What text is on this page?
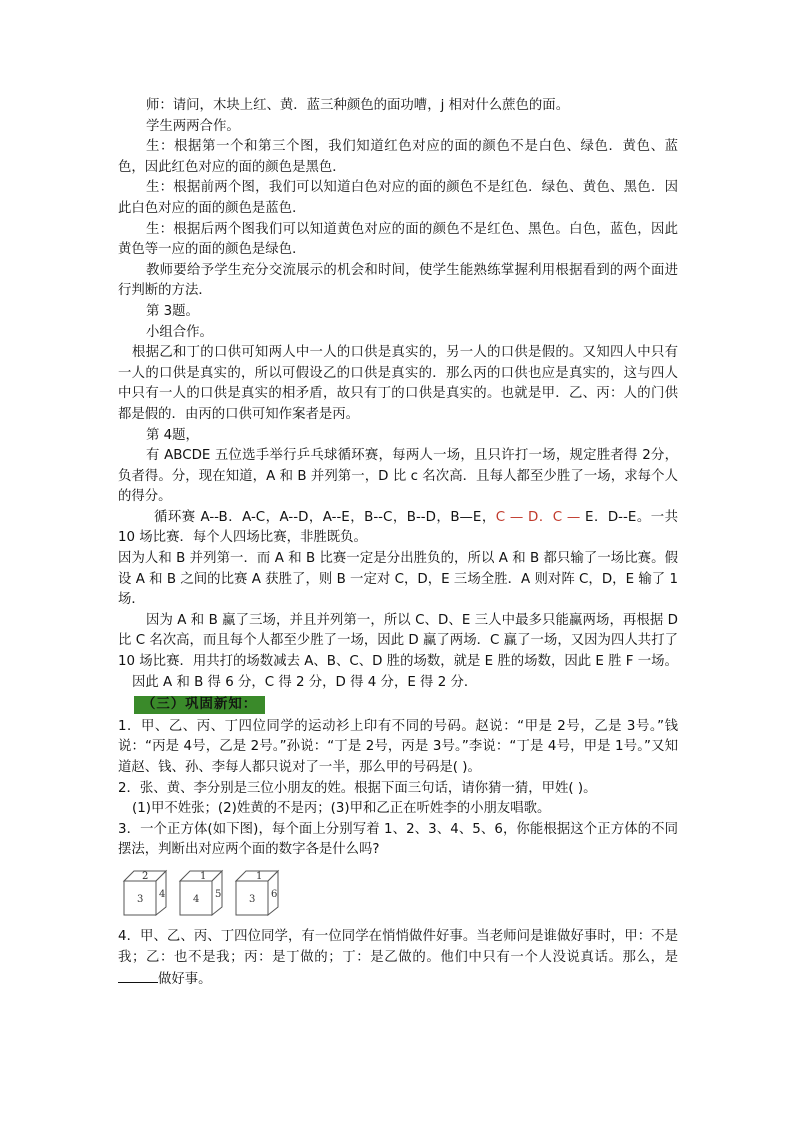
师：请问，木块上红、黄．蓝三种颜色的面功嘈，j 相对什么蔗色的面。

学生两两合作。

生：根据第一个和第三个图，我们知道红色对应的面的颜色不是白色、绿色．黄色、蓝色，因此红色对应的面的颜色是黑色．

生：根据前两个图，我们可以知道白色对应的面的颜色不是红色．绿色、黄色、黑色．因此白色对应的面的颜色是蓝色．

生：根据后两个图我们可以知道黄色对应的面的颜色不是红色、黑色。白色，蓝色，因此黄色等一应的面的颜色是绿色．

教师要给予学生充分交流展示的机会和时间，使学生能熟练掌握利用根据看到的两个面进行判断的方法．

第 3题。

小组合作。

根据乙和丁的口供可知两人中一人的口供是真实的，另一人的口供是假的。又知四人中只有一人的口供是真实的，所以可假设乙的口供是真实的．那么丙的口供也应是真实的，这与四人中只有一人的口供是真实的相矛盾，故只有丁的口供是真实的。也就是甲．乙、丙：人的门供都是假的．由丙的口供可知作案者是丙。

第 4题，

有 ABCDE 五位选手举行乒乓球循环赛，每两人一场，且只许打一场，规定胜者得 2分，负者得。分，现在知道，A 和 B 并列第一，D 比 c 名次高．且每人都至少胜了一场，求每个人的得分。

循环赛 A--B．A-C，A--D，A--E，B--C，B--D，B—E，C — D．C — E．D--E。一共 10 场比赛．每个人四场比赛，非胜既负。

因为人和 B 并列第一．而 A 和 B 比赛一定是分出胜负的，所以 A 和 B 都只输了一场比赛。假设 A 和 B 之间的比赛 A 获胜了，则 B 一定对 C，D，E 三场全胜．A 则对阵 C，D，E 输了 1 场．

因为 A 和 B 赢了三场，并且并列第一，所以 C、D、E 三人中最多只能赢两场，再根据 D 比 C 名次高，而且每个人都至少胜了一场，因此 D 赢了两场．C 赢了一场，又因为四人共打了 10 场比赛．用共打的场数减去 A、B、C、D 胜的场数，就是 E 胜的场数，因此 E 胜 F 一场。

因此 A 和 B 得 6 分，C 得 2 分，D 得 4 分，E 得 2 分．

（三）巩固新知：

1．甲、乙、丙、丁四位同学的运动衫上印有不同的号码。赵说：“甲是 2号，乙是 3号。”钱说：“丙是 4号，乙是 2号。”孙说：“丁是 2号，丙是 3号。”李说：“丁是 4号，甲是 1号。”又知道赵、钱、孙、李每人都只说对了一半，那么甲的号码是( )。

2．张、黄、李分别是三位小朋友的姓。根据下面三句话，请你猜一猜，甲姓( )。

(1)甲不姓张；(2)姓黄的不是丙；(3)甲和乙正在听姓李的小朋友唱歌。

3．一个正方体(如下图)，每个面上分别写着 1、2、3、4、5、6，你能根据这个正方体的不同摆法，判断出对应两个面的数字各是什么吗?

2
3 4
1
4 5
1
3 6

4．甲、乙、丙、丁四位同学，有一位同学在悄悄做件好事。当老师问是谁做好事时，甲：不是我；乙：也不是我；丙：是丁做的；丁：是乙做的。他们中只有一个人没说真话。那么，是做好事。
